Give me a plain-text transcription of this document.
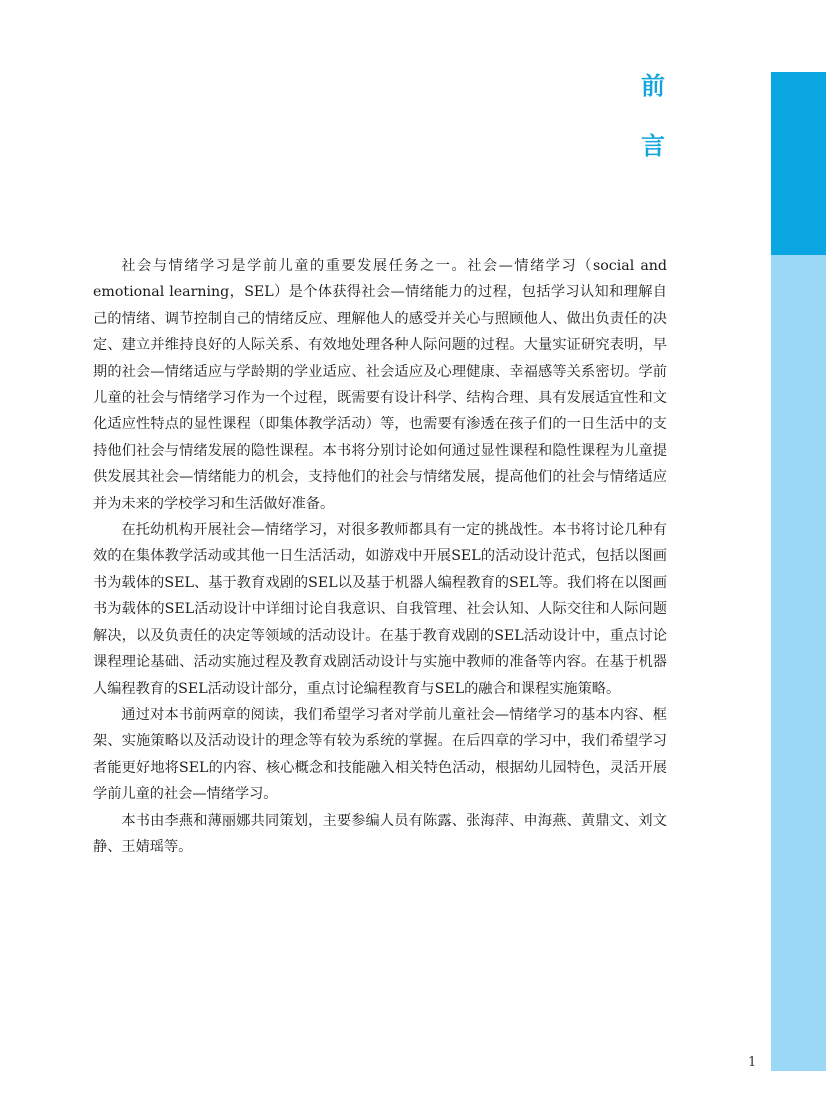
前
言

社会与情绪学习是学前儿童的重要发展任务之一。社会—情绪学习（social and emotional learning，SEL）是个体获得社会—情绪能力的过程，包括学习认知和理解自己的情绪、调节控制自己的情绪反应、理解他人的感受并关心与照顾他人、做出负责任的决定、建立并维持良好的人际关系、有效地处理各种人际问题的过程。大量实证研究表明，早期的社会—情绪适应与学龄期的学业适应、社会适应及心理健康、幸福感等关系密切。学前儿童的社会与情绪学习作为一个过程，既需要有设计科学、结构合理、具有发展适宜性和文化适应性特点的显性课程（即集体教学活动）等，也需要有渗透在孩子们的一日生活中的支持他们社会与情绪发展的隐性课程。本书将分别讨论如何通过显性课程和隐性课程为儿童提供发展其社会—情绪能力的机会，支持他们的社会与情绪发展，提高他们的社会与情绪适应并为未来的学校学习和生活做好准备。

在托幼机构开展社会—情绪学习，对很多教师都具有一定的挑战性。本书将讨论几种有效的在集体教学活动或其他一日生活活动，如游戏中开展SEL的活动设计范式，包括以图画书为载体的SEL、基于教育戏剧的SEL以及基于机器人编程教育的SEL等。我们将在以图画书为载体的SEL活动设计中详细讨论自我意识、自我管理、社会认知、人际交往和人际问题解决，以及负责任的决定等领域的活动设计。在基于教育戏剧的SEL活动设计中，重点讨论课程理论基础、活动实施过程及教育戏剧活动设计与实施中教师的准备等内容。在基于机器人编程教育的SEL活动设计部分，重点讨论编程教育与SEL的融合和课程实施策略。

通过对本书前两章的阅读，我们希望学习者对学前儿童社会—情绪学习的基本内容、框架、实施策略以及活动设计的理念等有较为系统的掌握。在后四章的学习中，我们希望学习者能更好地将SEL的内容、核心概念和技能融入相关特色活动，根据幼儿园特色，灵活开展学前儿童的社会—情绪学习。

本书由李燕和薄丽娜共同策划，主要参编人员有陈露、张海萍、申海燕、黄鼎文、刘文静、王婧瑶等。

1
